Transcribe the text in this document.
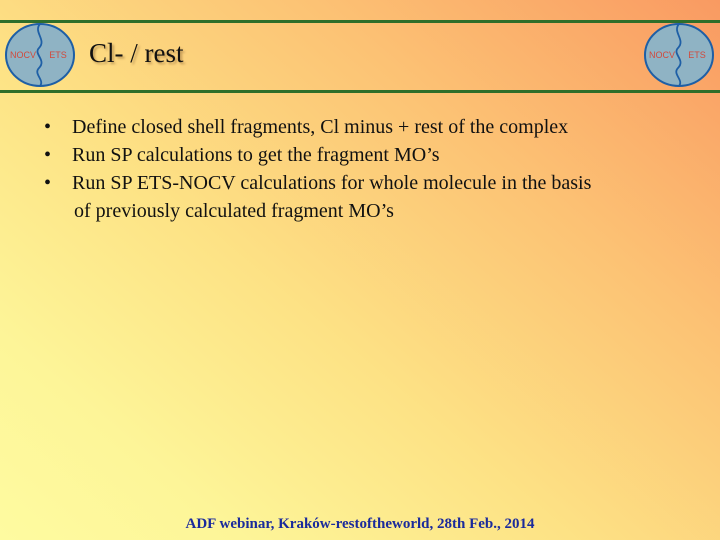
NOCV ETS	NOCV ETS
Cl- / rest
• Define closed shell fragments, Cl minus + rest of the complex
• Run SP calculations to get the fragment MO’s
• Run SP ETS-NOCV calculations for whole molecule in the basis
of previously calculated fragment MO’s
ADF webinar, Kraków-restoftheworld, 28th Feb., 2014
